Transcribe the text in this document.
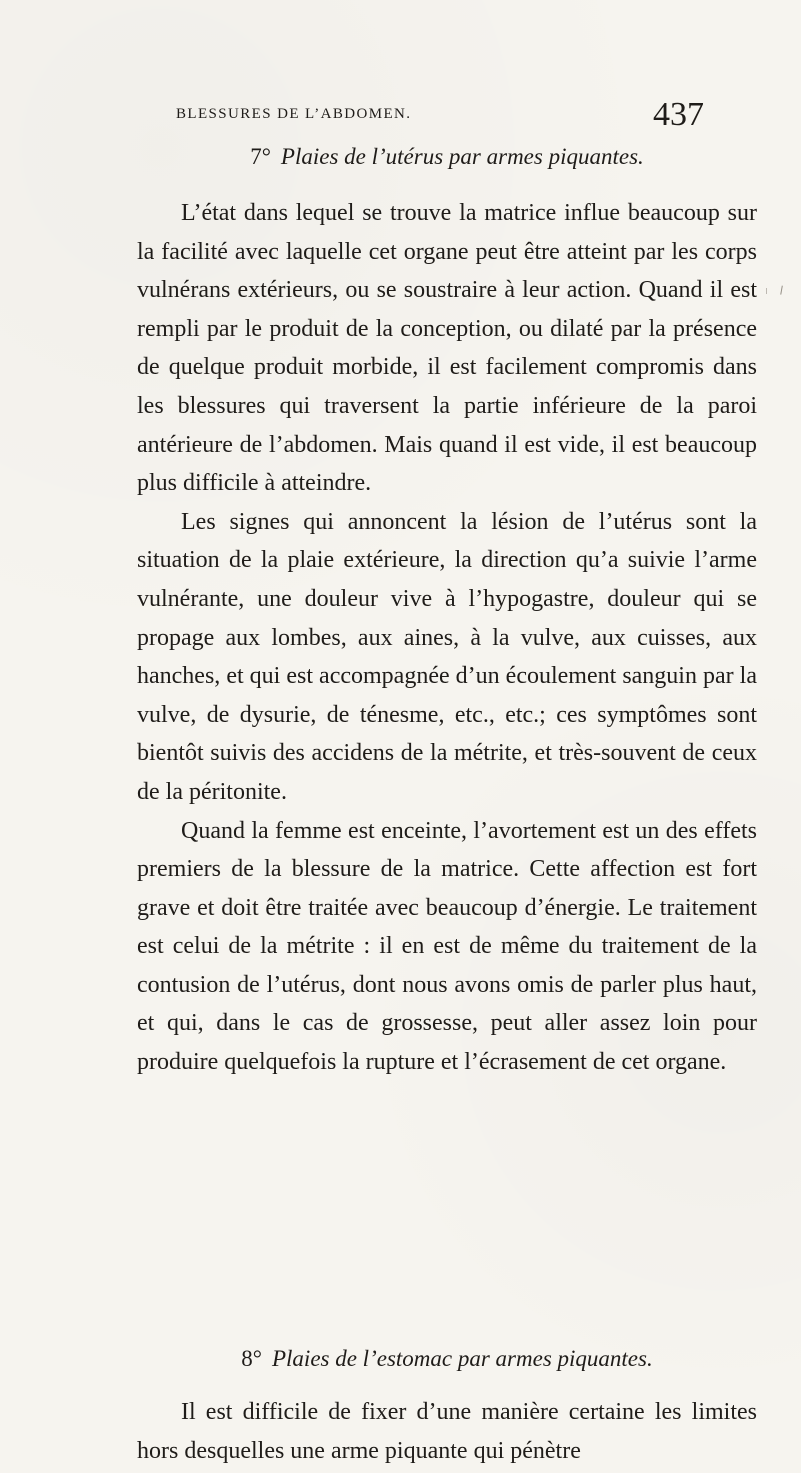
BLESSURES DE L’ABDOMEN.	437
7° Plaies de l’utérus par armes piquantes.

L’état dans lequel se trouve la matrice influe beaucoup sur la facilité avec laquelle cet organe peut être atteint par les corps vulnérans extérieurs, ou se soustraire à leur action. Quand il est rempli par le produit de la conception, ou dilaté par la présence de quelque produit morbide, il est facilement compromis dans les blessures qui traversent la partie inférieure de la paroi antérieure de l’abdomen. Mais quand il est vide, il est beaucoup plus difficile à atteindre.

Les signes qui annoncent la lésion de l’utérus sont la situation de la plaie extérieure, la direction qu’a suivie l’arme vulnérante, une douleur vive à l’hypogastre, douleur qui se propage aux lombes, aux aines, à la vulve, aux cuisses, aux hanches, et qui est accompagnée d’un écoulement sanguin par la vulve, de dysurie, de ténesme, etc., etc.; ces symptômes sont bientôt suivis des accidens de la métrite, et très-souvent de ceux de la péritonite.

Quand la femme est enceinte, l’avortement est un des effets premiers de la blessure de la matrice. Cette affection est fort grave et doit être traitée avec beaucoup d’énergie. Le traitement est celui de la métrite : il en est de même du traitement de la contusion de l’utérus, dont nous avons omis de parler plus haut, et qui, dans le cas de grossesse, peut aller assez loin pour produire quelquefois la rupture et l’écrasement de cet organe.

8° Plaies de l’estomac par armes piquantes.

Il est difficile de fixer d’une manière certaine les limites hors desquelles une arme piquante qui pénètre
